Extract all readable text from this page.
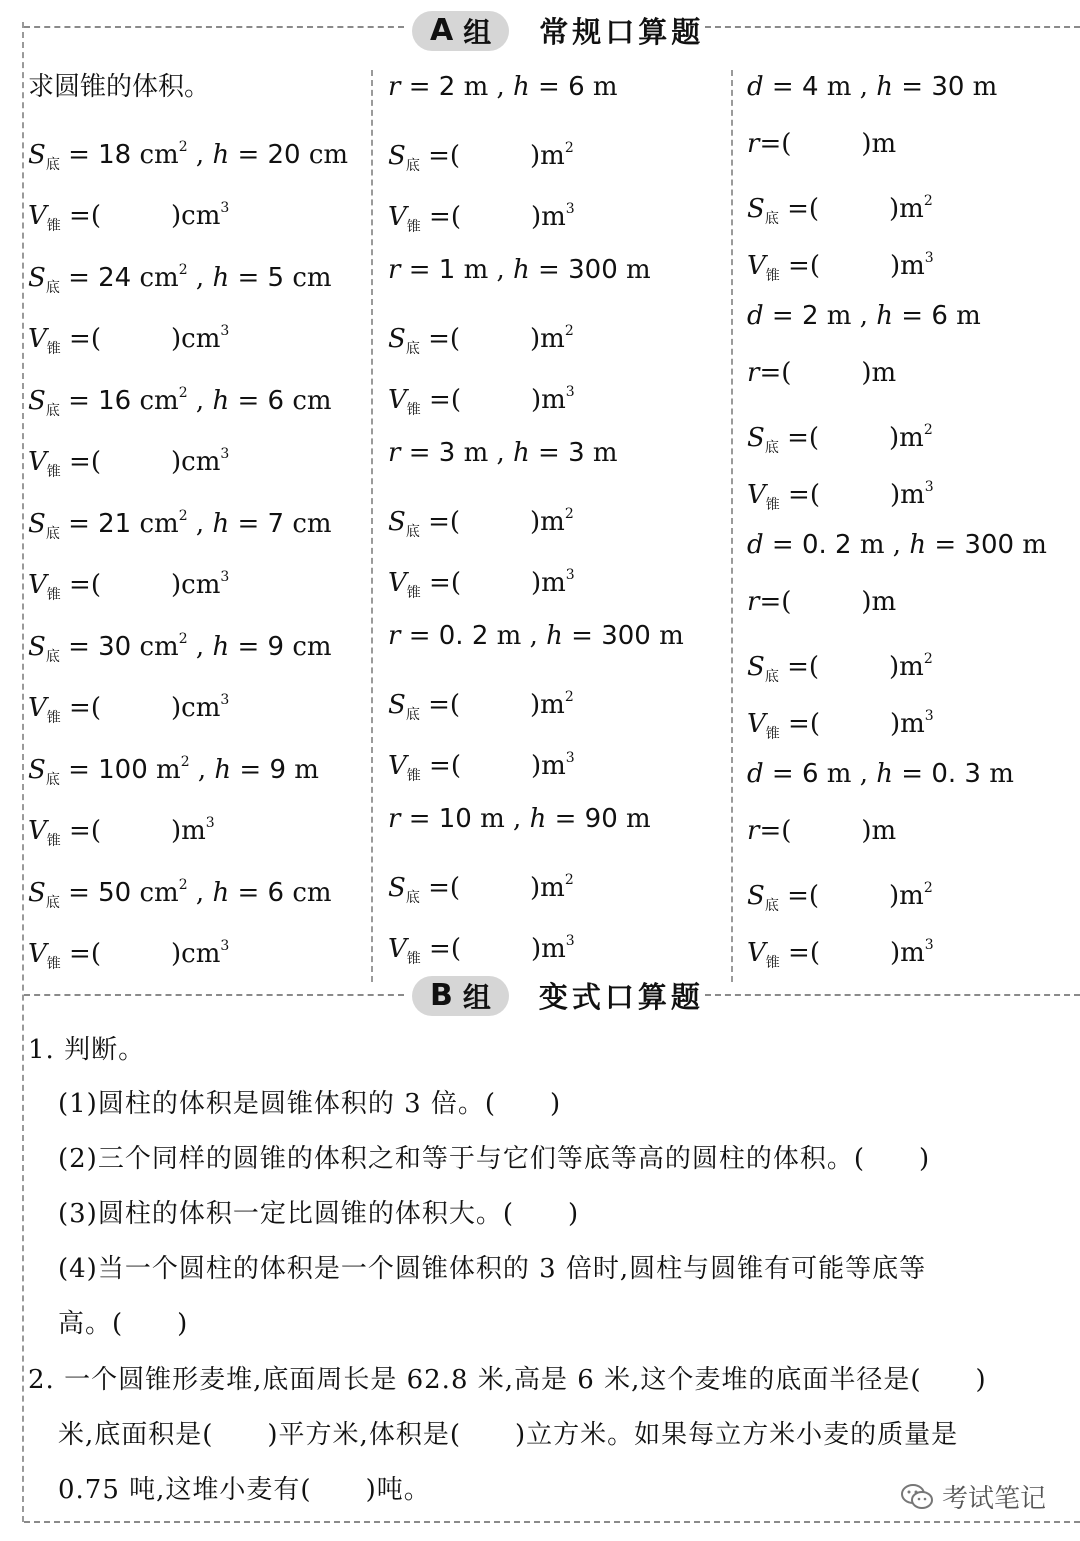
A 组 常规口算题
B 组 变式口算题
求圆锥的体积。
$S_底 = 18$ $cm^2$ , h = 20 cm
$V_锥$ =(	)$cm^3$
$S_底 = 24$ $cm^2$ , h = 5 cm
$V_锥$ =(	)$cm^3$
$S_底 = 16$ $cm^2$ , h = 6 cm
$V_锥$ =(	)$cm^3$
$S_底 = 21$ $cm^2$ , h = 7 cm
$V_锥$ =(	)$cm^3$
$S_底 = 30$ $cm^2$ , h = 9 cm
$V_锥$ =(	)$cm^3$
$S_底 = 100$ $m^2$ , h = 9 m
$V_锥$ =(	)$m^3$
$S_底 = 50$ $cm^2$ , h = 6 cm
$V_锥$ =(	)$cm^3$
r = 2 m , h = 6 m
$S_底$ =(	)$m^2$
$V_锥$ =(	)$m^3$
r = 1 m , h = 300 m
$S_底$ =(	)$m^2$
$V_锥$ =(	)$m^3$
r = 3 m , h = 3 m
$S_底$ =(	)$m^2$
$V_锥$ =(	)$m^3$
r = 0. 2 m , h = 300 m
$S_底$ =(	)$m^2$
$V_锥$ =(	)$m^3$
r = 10 m , h = 90 m
$S_底$ =(	)$m^2$
$V_锥$ =(	)$m^3$
d = 4 m , h = 30 m
r=(	)m
$S_底$ =(	)$m^2$
$V_锥$ =(	)$m^3$
d = 2 m , h = 6 m
r=(	)m
$S_底$ =(	)$m^2$
$V_锥$ =(	)$m^3$
d = 0. 2 m , h = 300 m
r=(	)m
$S_底$ =(	)$m^2$
$V_锥$ =(	)$m^3$
d = 6 m , h = 0. 3 m
r=(	)m
$S_底$ =(	)$m^2$
$V_锥$ =(	)$m^3$
1. 判断。
(1)圆柱的体积是圆锥体积的 3 倍。(　　)
(2)三个同样的圆锥的体积之和等于与它们等底等高的圆柱的体积。(　　)
(3)圆柱的体积一定比圆锥的体积大。(　　)
(4)当一个圆柱的体积是一个圆锥体积的 3 倍时,圆柱与圆锥有可能等底等
高。(　　)
2. 一个圆锥形麦堆,底面周长是 62.8 米,高是 6 米,这个麦堆的底面半径是(　　)
米,底面积是(　　)平方米,体积是(　　)立方米。如果每立方米小麦的质量是
0.75 吨,这堆小麦有(　　)吨。	考试笔记
